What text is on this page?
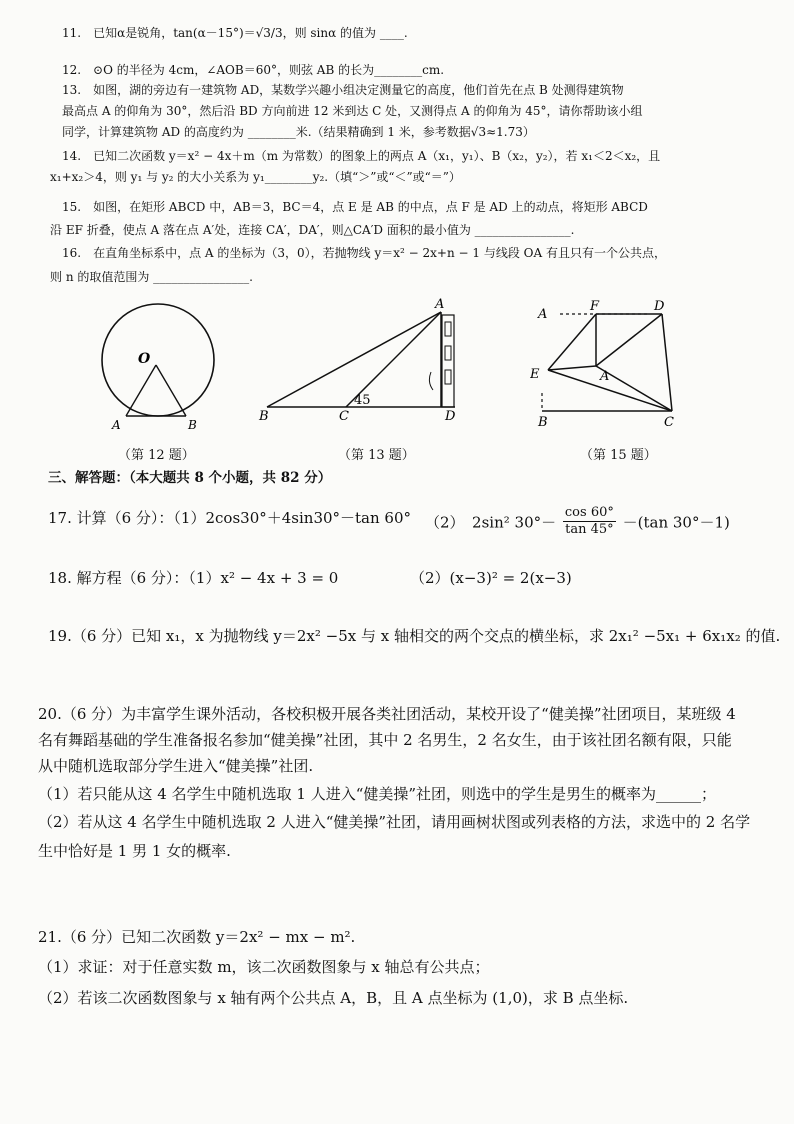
11.　已知α是锐角，tan(α－15°)＝√3/3，则 sinα 的值为 ____.
12.　⊙O 的半径为 4cm，∠AOB＝60°，则弦 AB 的长为________cm.
13.　如图，湖的旁边有一建筑物 AD，某数学兴趣小组决定测量它的高度，他们首先在点 B 处测得建筑物
最高点 A 的仰角为 30°，然后沿 BD 方向前进 12 米到达 C 处，又测得点 A 的仰角为 45°，请你帮助该小组
同学，计算建筑物 AD 的高度约为 ________米.（结果精确到 1 米，参考数据√3≈1.73）
14.　已知二次函数 y＝x² − 4x＋m（m 为常数）的图象上的两点 A（x₁，y₁）、B（x₂，y₂），若 x₁＜2＜x₂，且
x₁+x₂＞4，则 y₁ 与 y₂ 的大小关系为 y₁________y₂.（填“＞”或“＜”或“＝”）
15.　如图，在矩形 ABCD 中，AB＝3，BC＝4，点 E 是 AB 的中点，点 F 是 AD 上的动点，将矩形 ABCD
沿 EF 折叠，使点 A 落在点 A′处，连接 CA′，DA′，则△CA′D 面积的最小值为 ________________.
16.　在直角坐标系中，点 A 的坐标为（3，0），若抛物线 y＝x² − 2x+n − 1 与线段 OA 有且只有一个公共点，
则 n 的取值范围为 ________________.
O
A	B
（第 12 题）
A
B	C	D
45
（第 13 题）
A
F	D
E	A
B	C
（第 15 题）
三、解答题：（本大题共 8 个小题，共 82 分）
17. 计算（6 分）：（1）2cos30°＋4sin30°－tan 60° （2）　2sin² $30^\circ- \frac{\cos 60^\circ}{\tan 45^\circ} -(\tan$ 30°－1)
18. 解方程（6 分）：（1）x² − 4x + 3 = 0	（2）(x−3)² = 2(x−3)
19.（6 分）已知 x₁，x 为抛物线 y＝2x² −5x 与 x 轴相交的两个交点的横坐标，求 2x₁² −5x₁ + 6x₁x₂ 的值.
20.（6 分）为丰富学生课外活动，各校积极开展各类社团活动，某校开设了“健美操”社团项目，某班级 4
名有舞蹈基础的学生准备报名参加“健美操”社团，其中 2 名男生，2 名女生，由于该社团名额有限，只能
从中随机选取部分学生进入“健美操”社团.
（1）若只能从这 4 名学生中随机选取 1 人进入“健美操”社团，则选中的学生是男生的概率为______；
（2）若从这 4 名学生中随机选取 2 人进入“健美操”社团，请用画树状图或列表格的方法，求选中的 2 名学
生中恰好是 1 男 1 女的概率.
21.（6 分）已知二次函数 y＝2x² − mx − m².
（1）求证：对于任意实数 m，该二次函数图象与 x 轴总有公共点；
（2）若该二次函数图象与 x 轴有两个公共点 A，B，且 A 点坐标为 (1,0)，求 B 点坐标.
